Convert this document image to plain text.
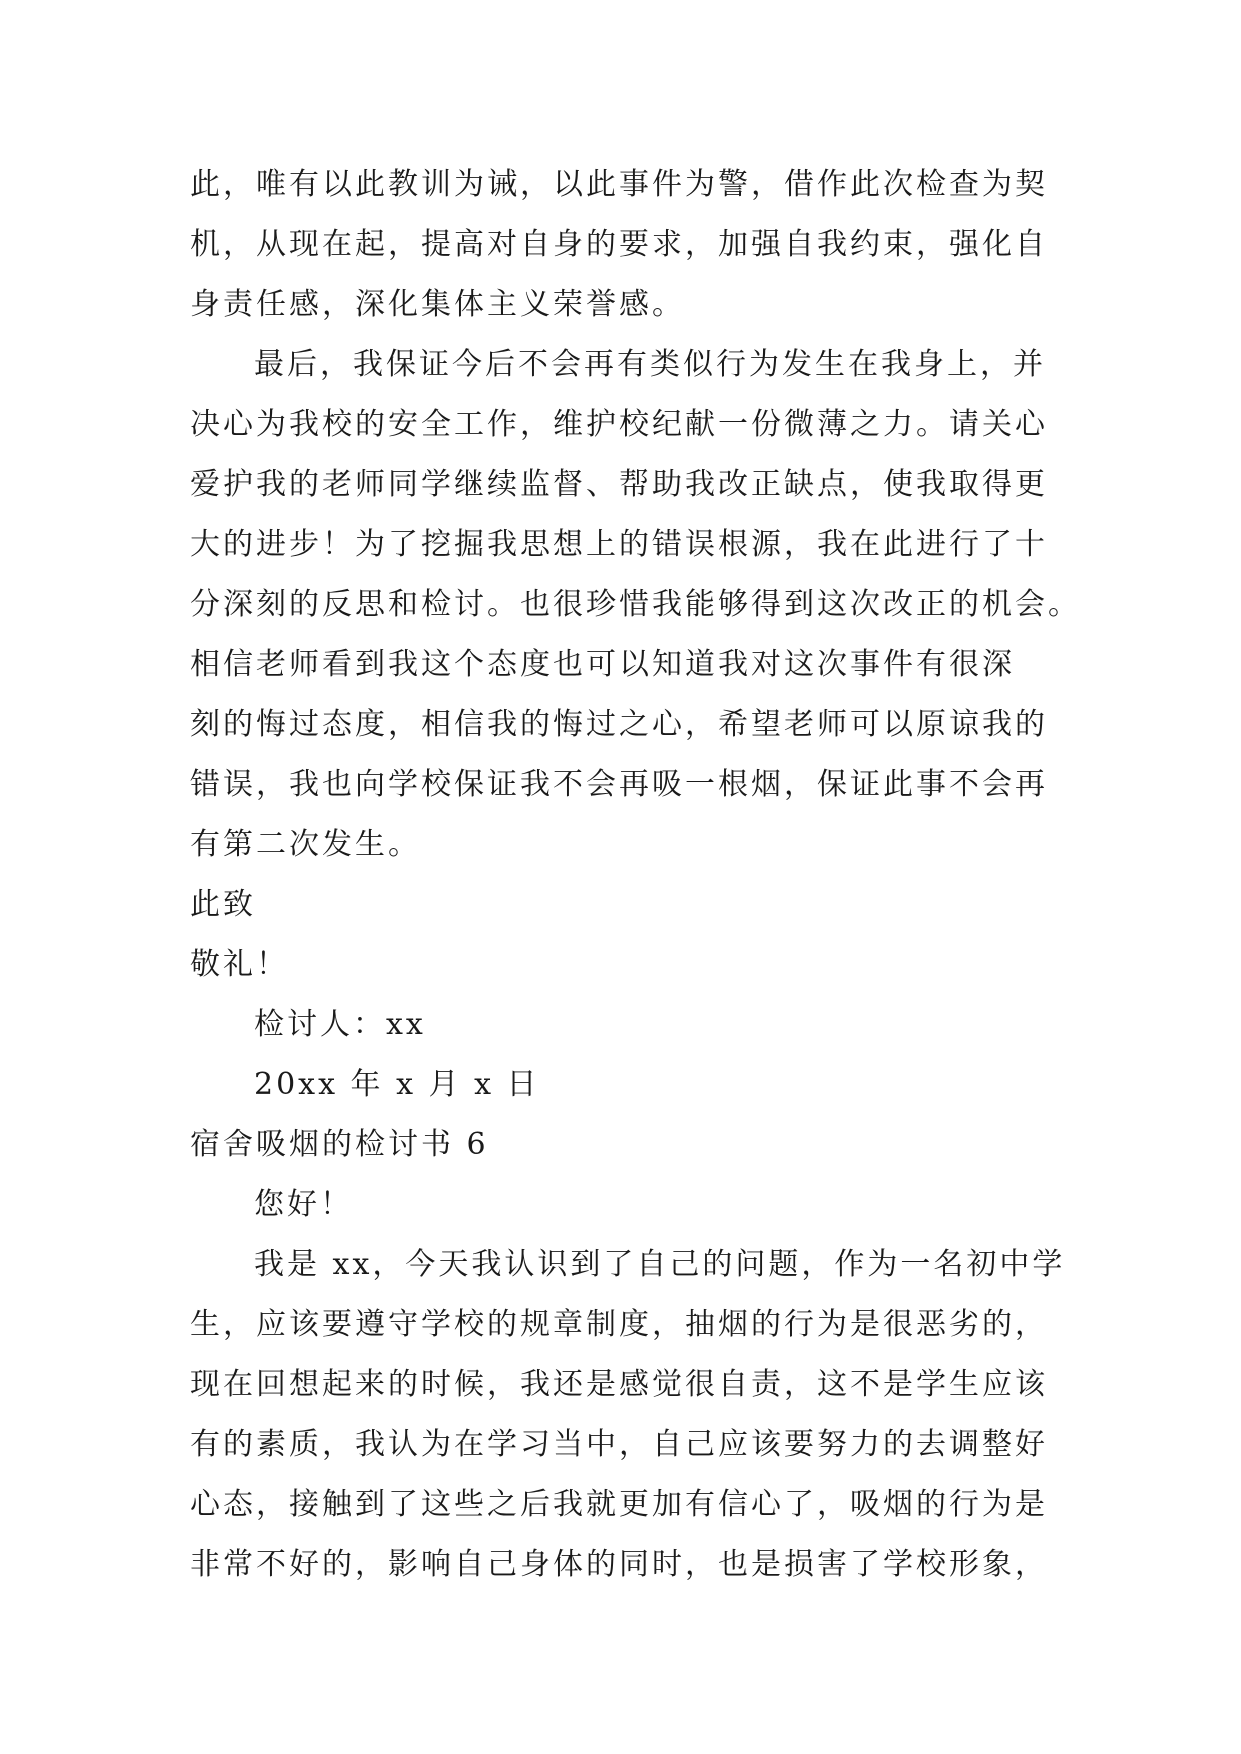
此，唯有以此教训为诫，以此事件为警，借作此次检查为契
机，从现在起，提高对自身的要求，加强自我约束，强化自
身责任感，深化集体主义荣誉感。
最后，我保证今后不会再有类似行为发生在我身上，并
决心为我校的安全工作，维护校纪献一份微薄之力。请关心
爱护我的老师同学继续监督、帮助我改正缺点，使我取得更
大的进步！为了挖掘我思想上的错误根源，我在此进行了十
分深刻的反思和检讨。也很珍惜我能够得到这次改正的机会。
相信老师看到我这个态度也可以知道我对这次事件有很深
刻的悔过态度，相信我的悔过之心，希望老师可以原谅我的
错误，我也向学校保证我不会再吸一根烟，保证此事不会再
有第二次发生。
此致
敬礼！
检讨人：xx
20xx 年 x 月 x 日
宿舍吸烟的检讨书 6
您好！
我是 xx，今天我认识到了自己的问题，作为一名初中学
生，应该要遵守学校的规章制度，抽烟的行为是很恶劣的，
现在回想起来的时候，我还是感觉很自责，这不是学生应该
有的素质，我认为在学习当中，自己应该要努力的去调整好
心态，接触到了这些之后我就更加有信心了，吸烟的行为是
非常不好的，影响自己身体的同时，也是损害了学校形象，
